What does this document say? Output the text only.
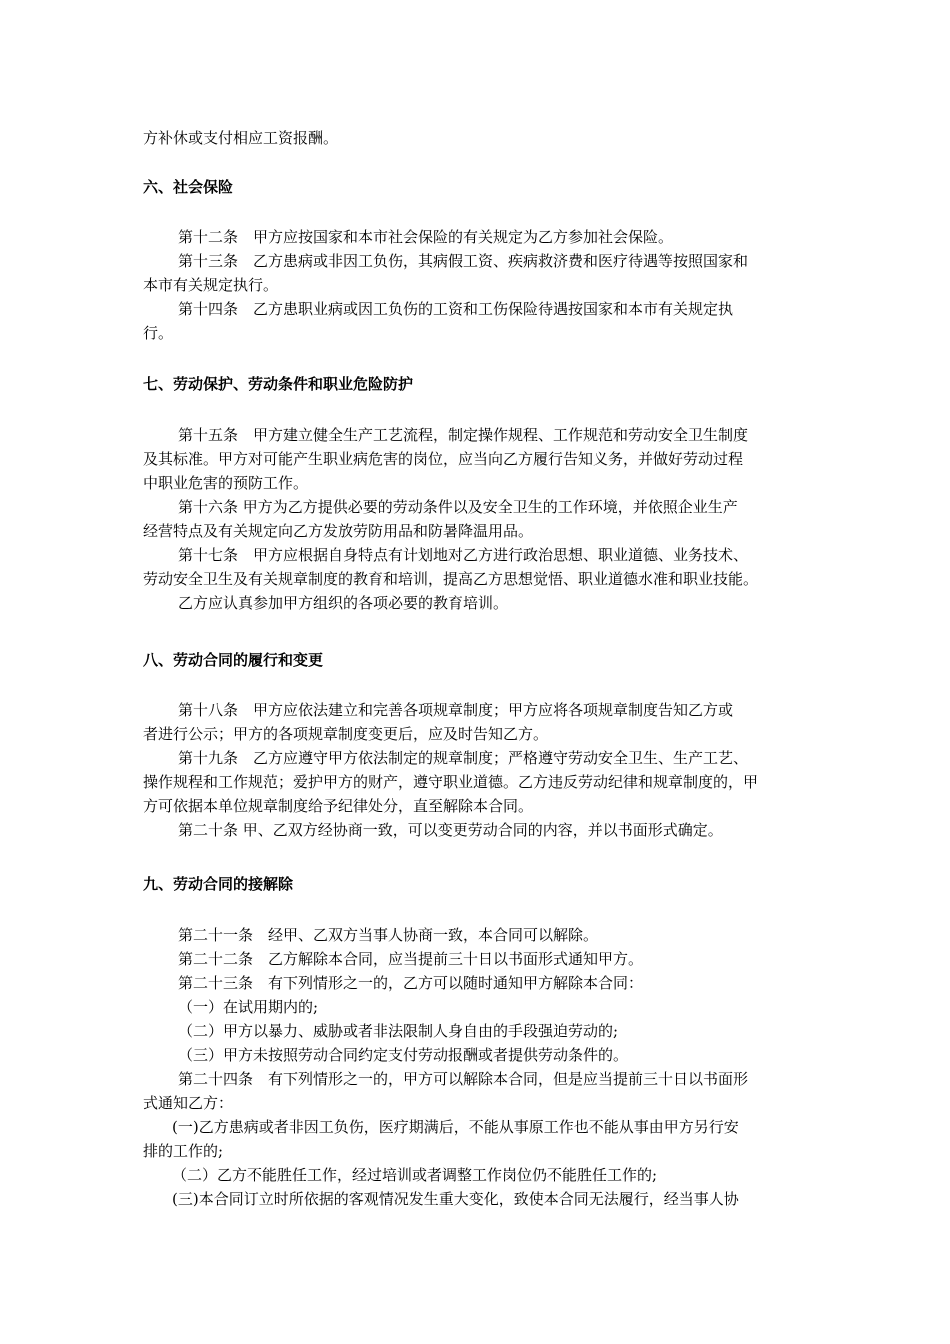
方补休或支付相应工资报酬。
六、社会保险
第十二条　甲方应按国家和本市社会保险的有关规定为乙方参加社会保险。
第十三条　乙方患病或非因工负伤，其病假工资、疾病救济费和医疗待遇等按照国家和
本市有关规定执行。
第十四条　乙方患职业病或因工负伤的工资和工伤保险待遇按国家和本市有关规定执
行。
七、劳动保护、劳动条件和职业危险防护
第十五条　甲方建立健全生产工艺流程，制定操作规程、工作规范和劳动安全卫生制度
及其标准。甲方对可能产生职业病危害的岗位，应当向乙方履行告知义务，并做好劳动过程
中职业危害的预防工作。
第十六条 甲方为乙方提供必要的劳动条件以及安全卫生的工作环境，并依照企业生产
经营特点及有关规定向乙方发放劳防用品和防暑降温用品。
第十七条　甲方应根据自身特点有计划地对乙方进行政治思想、职业道德、业务技术、
劳动安全卫生及有关规章制度的教育和培训，提高乙方思想觉悟、职业道德水准和职业技能。
乙方应认真参加甲方组织的各项必要的教育培训。
八、劳动合同的履行和变更
第十八条　甲方应依法建立和完善各项规章制度；甲方应将各项规章制度告知乙方或
者进行公示；甲方的各项规章制度变更后，应及时告知乙方。
第十九条　乙方应遵守甲方依法制定的规章制度；严格遵守劳动安全卫生、生产工艺、
操作规程和工作规范；爱护甲方的财产，遵守职业道德。乙方违反劳动纪律和规章制度的，甲
方可依据本单位规章制度给予纪律处分，直至解除本合同。
第二十条 甲、乙双方经协商一致，可以变更劳动合同的内容，并以书面形式确定。
九、劳动合同的接解除
第二十一条　经甲、乙双方当事人协商一致，本合同可以解除。
第二十二条　乙方解除本合同，应当提前三十日以书面形式通知甲方。
第二十三条　有下列情形之一的，乙方可以随时通知甲方解除本合同：
（一）在试用期内的;
（二）甲方以暴力、威胁或者非法限制人身自由的手段强迫劳动的;
（三）甲方未按照劳动合同约定支付劳动报酬或者提供劳动条件的。
第二十四条　有下列情形之一的，甲方可以解除本合同，但是应当提前三十日以书面形
式通知乙方：
(一)乙方患病或者非因工负伤，医疗期满后，不能从事原工作也不能从事由甲方另行安
排的工作的;
（二）乙方不能胜任工作，经过培训或者调整工作岗位仍不能胜任工作的;
(三)本合同订立时所依据的客观情况发生重大变化，致使本合同无法履行，经当事人协
